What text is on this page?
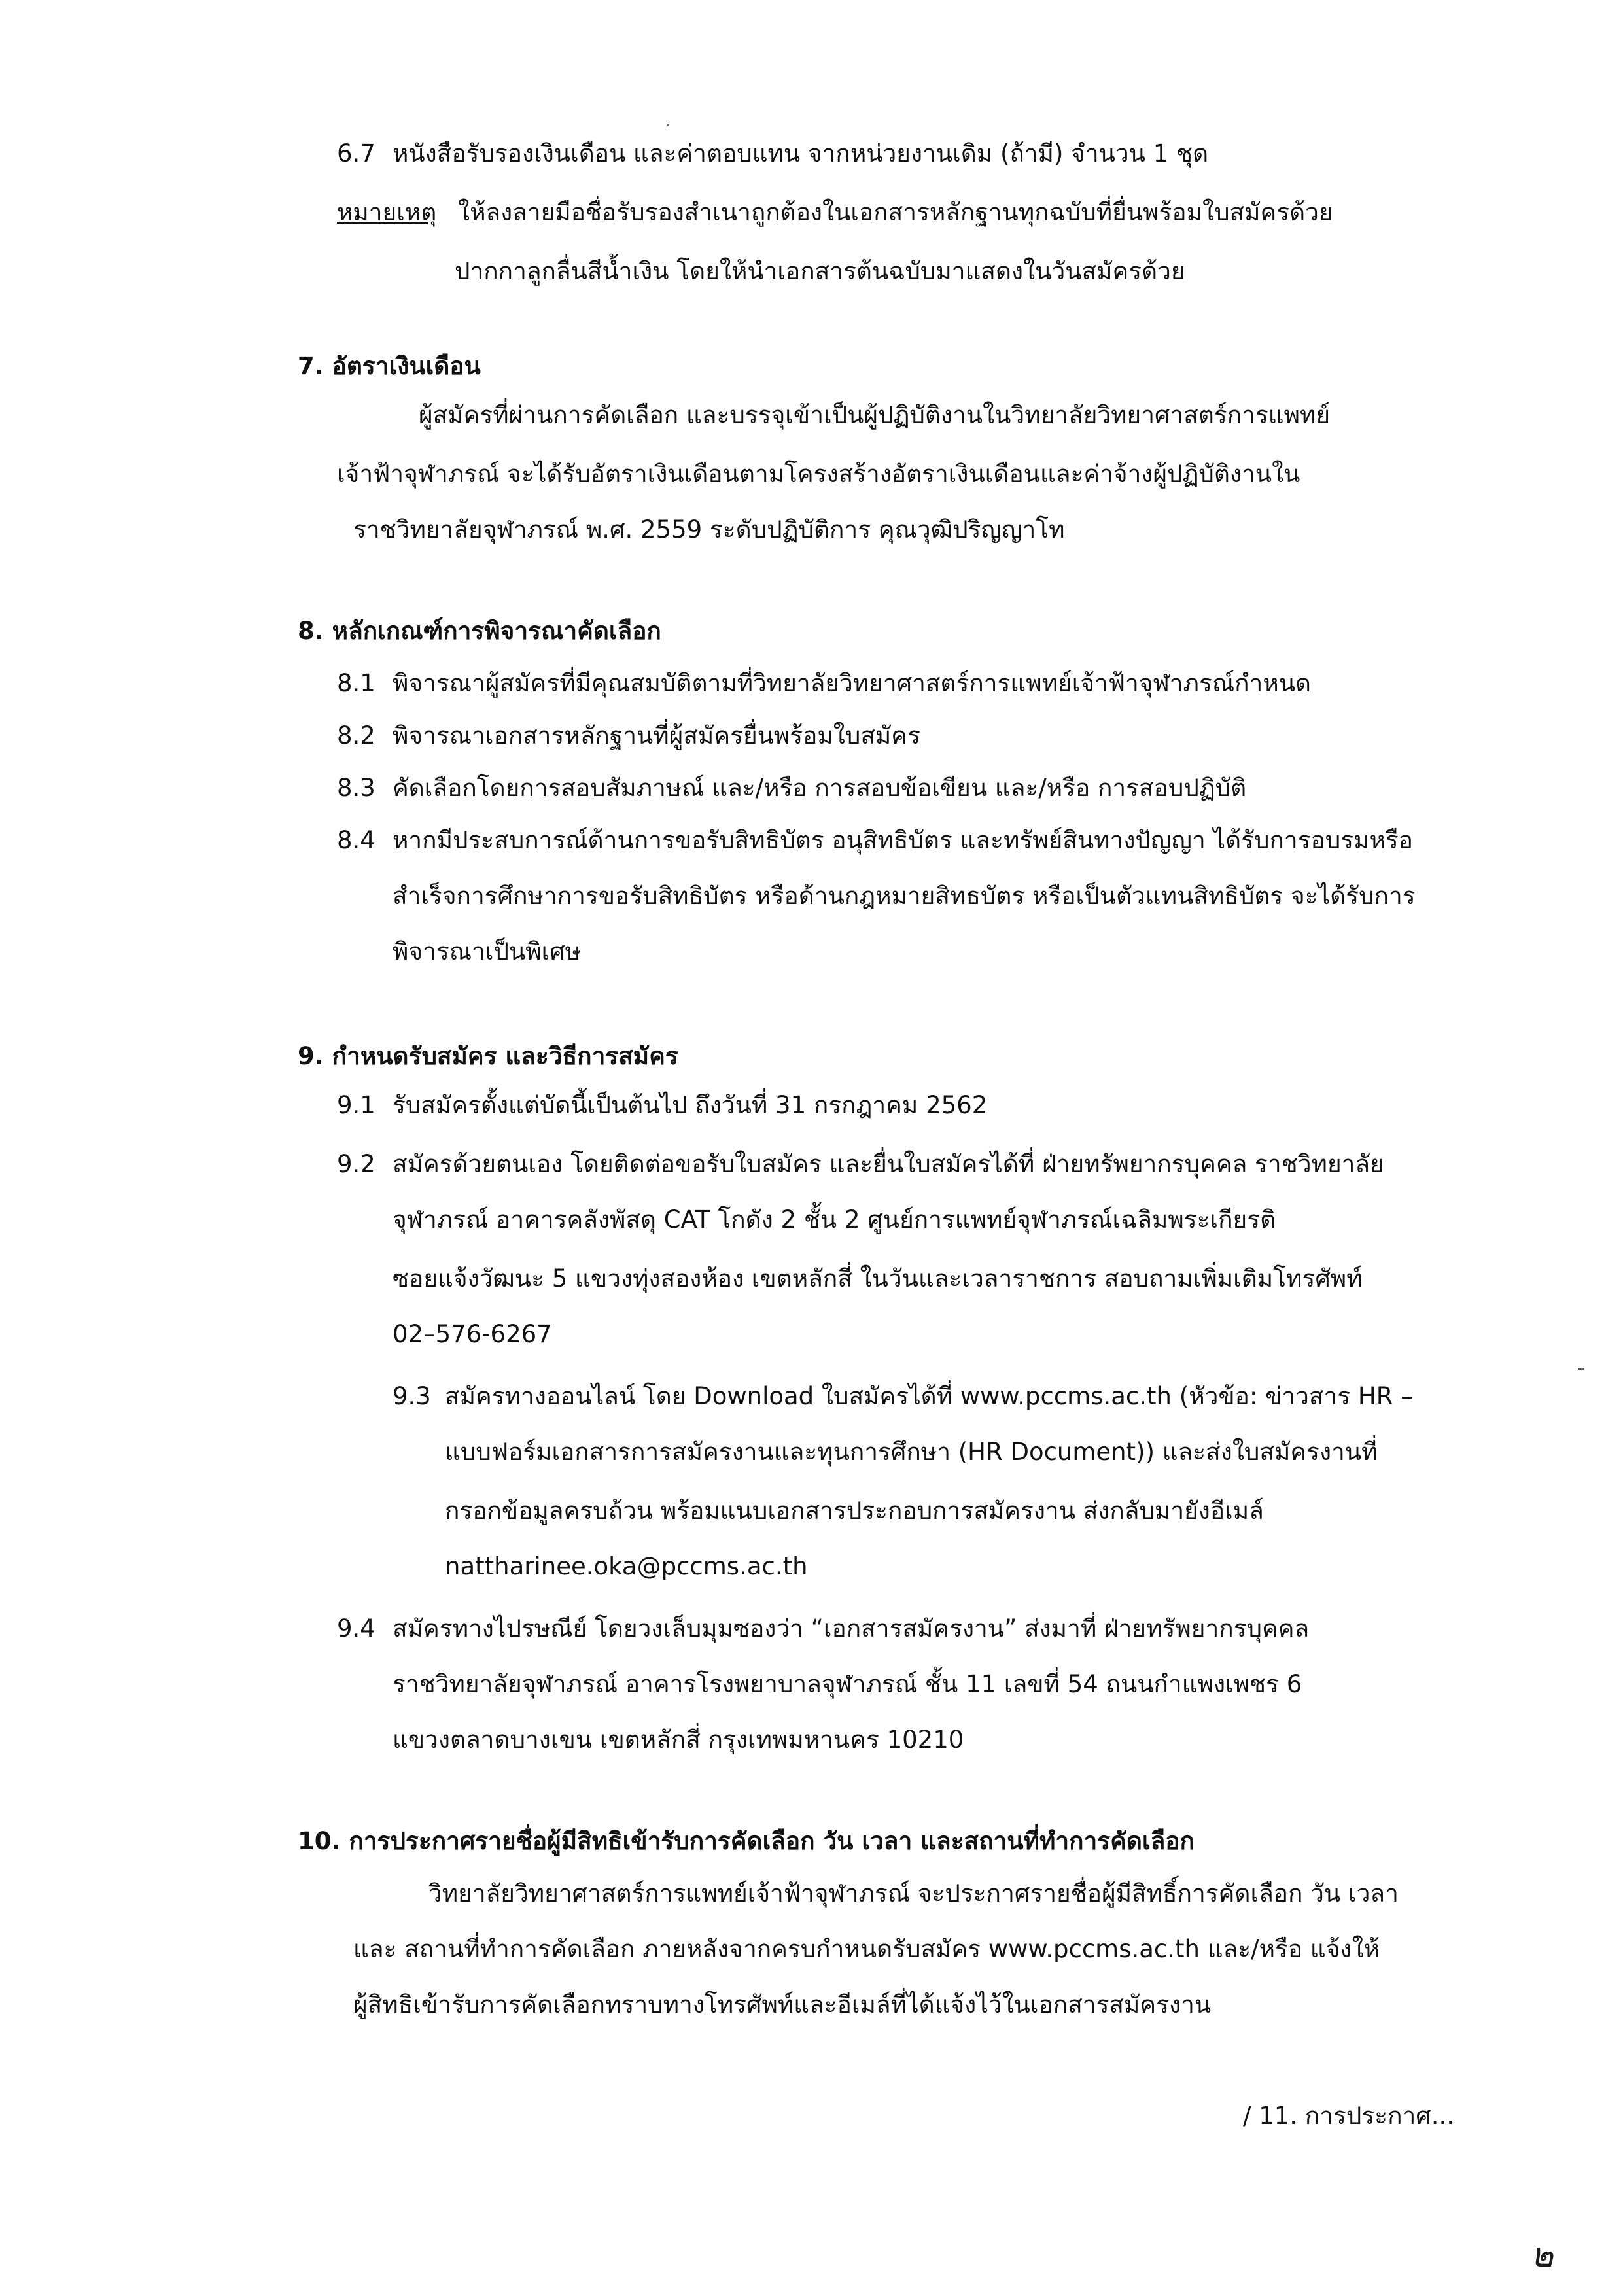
6.7 หนังสือรับรองเงินเดือน และค่าตอบแทน จากหน่วยงานเดิม (ถ้ามี) จำนวน 1 ชุด
หมายเหตุ ให้ลงลายมือชื่อรับรองสำเนาถูกต้องในเอกสารหลักฐานทุกฉบับที่ยื่นพร้อมใบสมัครด้วย
ปากกาลูกลื่นสีน้ำเงิน โดยให้นำเอกสารต้นฉบับมาแสดงในวันสมัครด้วย
7. อัตราเงินเดือน
ผู้สมัครที่ผ่านการคัดเลือก และบรรจุเข้าเป็นผู้ปฏิบัติงานในวิทยาลัยวิทยาศาสตร์การแพทย์
เจ้าฟ้าจุฬาภรณ์ จะได้รับอัตราเงินเดือนตามโครงสร้างอัตราเงินเดือนและค่าจ้างผู้ปฏิบัติงานใน
ราชวิทยาลัยจุฬาภรณ์ พ.ศ. 2559 ระดับปฏิบัติการ คุณวุฒิปริญญาโท
8. หลักเกณฑ์การพิจารณาคัดเลือก
8.1 พิจารณาผู้สมัครที่มีคุณสมบัติตามที่วิทยาลัยวิทยาศาสตร์การแพทย์เจ้าฟ้าจุฬาภรณ์กำหนด
8.2 พิจารณาเอกสารหลักฐานที่ผู้สมัครยื่นพร้อมใบสมัคร
8.3 คัดเลือกโดยการสอบสัมภาษณ์ และ/หรือ การสอบข้อเขียน และ/หรือ การสอบปฏิบัติ
8.4 หากมีประสบการณ์ด้านการขอรับสิทธิบัตร อนุสิทธิบัตร และทรัพย์สินทางปัญญา ได้รับการอบรมหรือ
สำเร็จการศึกษาการขอรับสิทธิบัตร หรือด้านกฎหมายสิทธบัตร หรือเป็นตัวแทนสิทธิบัตร จะได้รับการ
พิจารณาเป็นพิเศษ
9. กำหนดรับสมัคร และวิธีการสมัคร
9.1 รับสมัครตั้งแต่บัดนี้เป็นต้นไป ถึงวันที่ 31 กรกฎาคม 2562
9.2 สมัครด้วยตนเอง โดยติดต่อขอรับใบสมัคร และยื่นใบสมัครได้ที่ ฝ่ายทรัพยากรบุคคล ราชวิทยาลัย
จุฬาภรณ์ อาคารคลังพัสดุ CAT โกดัง 2 ชั้น 2 ศูนย์การแพทย์จุฬาภรณ์เฉลิมพระเกียรติ
ซอยแจ้งวัฒนะ 5 แขวงทุ่งสองห้อง เขตหลักสี่ ในวันและเวลาราชการ สอบถามเพิ่มเติมโทรศัพท์
02–576-6267
9.3 สมัครทางออนไลน์ โดย Download ใบสมัครได้ที่ www.pccms.ac.th (หัวข้อ: ข่าวสาร HR –
แบบฟอร์มเอกสารการสมัครงานและทุนการศึกษา (HR Document)) และส่งใบสมัครงานที่
กรอกข้อมูลครบถ้วน พร้อมแนบเอกสารประกอบการสมัครงาน ส่งกลับมายังอีเมล์
nattharinee.oka@pccms.ac.th
9.4 สมัครทางไปรษณีย์ โดยวงเล็บมุมซองว่า “เอกสารสมัครงาน” ส่งมาที่ ฝ่ายทรัพยากรบุคคล
ราชวิทยาลัยจุฬาภรณ์ อาคารโรงพยาบาลจุฬาภรณ์ ชั้น 11 เลขที่ 54 ถนนกำแพงเพชร 6
แขวงตลาดบางเขน เขตหลักสี่ กรุงเทพมหานคร 10210
10. การประกาศรายชื่อผู้มีสิทธิเข้ารับการคัดเลือก วัน เวลา และสถานที่ทำการคัดเลือก
วิทยาลัยวิทยาศาสตร์การแพทย์เจ้าฟ้าจุฬาภรณ์ จะประกาศรายชื่อผู้มีสิทธิ์การคัดเลือก วัน เวลา
และ สถานที่ทำการคัดเลือก ภายหลังจากครบกำหนดรับสมัคร www.pccms.ac.th และ/หรือ แจ้งให้
ผู้สิทธิเข้ารับการคัดเลือกทราบทางโทรศัพท์และอีเมล์ที่ได้แจ้งไว้ในเอกสารสมัครงาน
/ 11. การประกาศ...
๒
